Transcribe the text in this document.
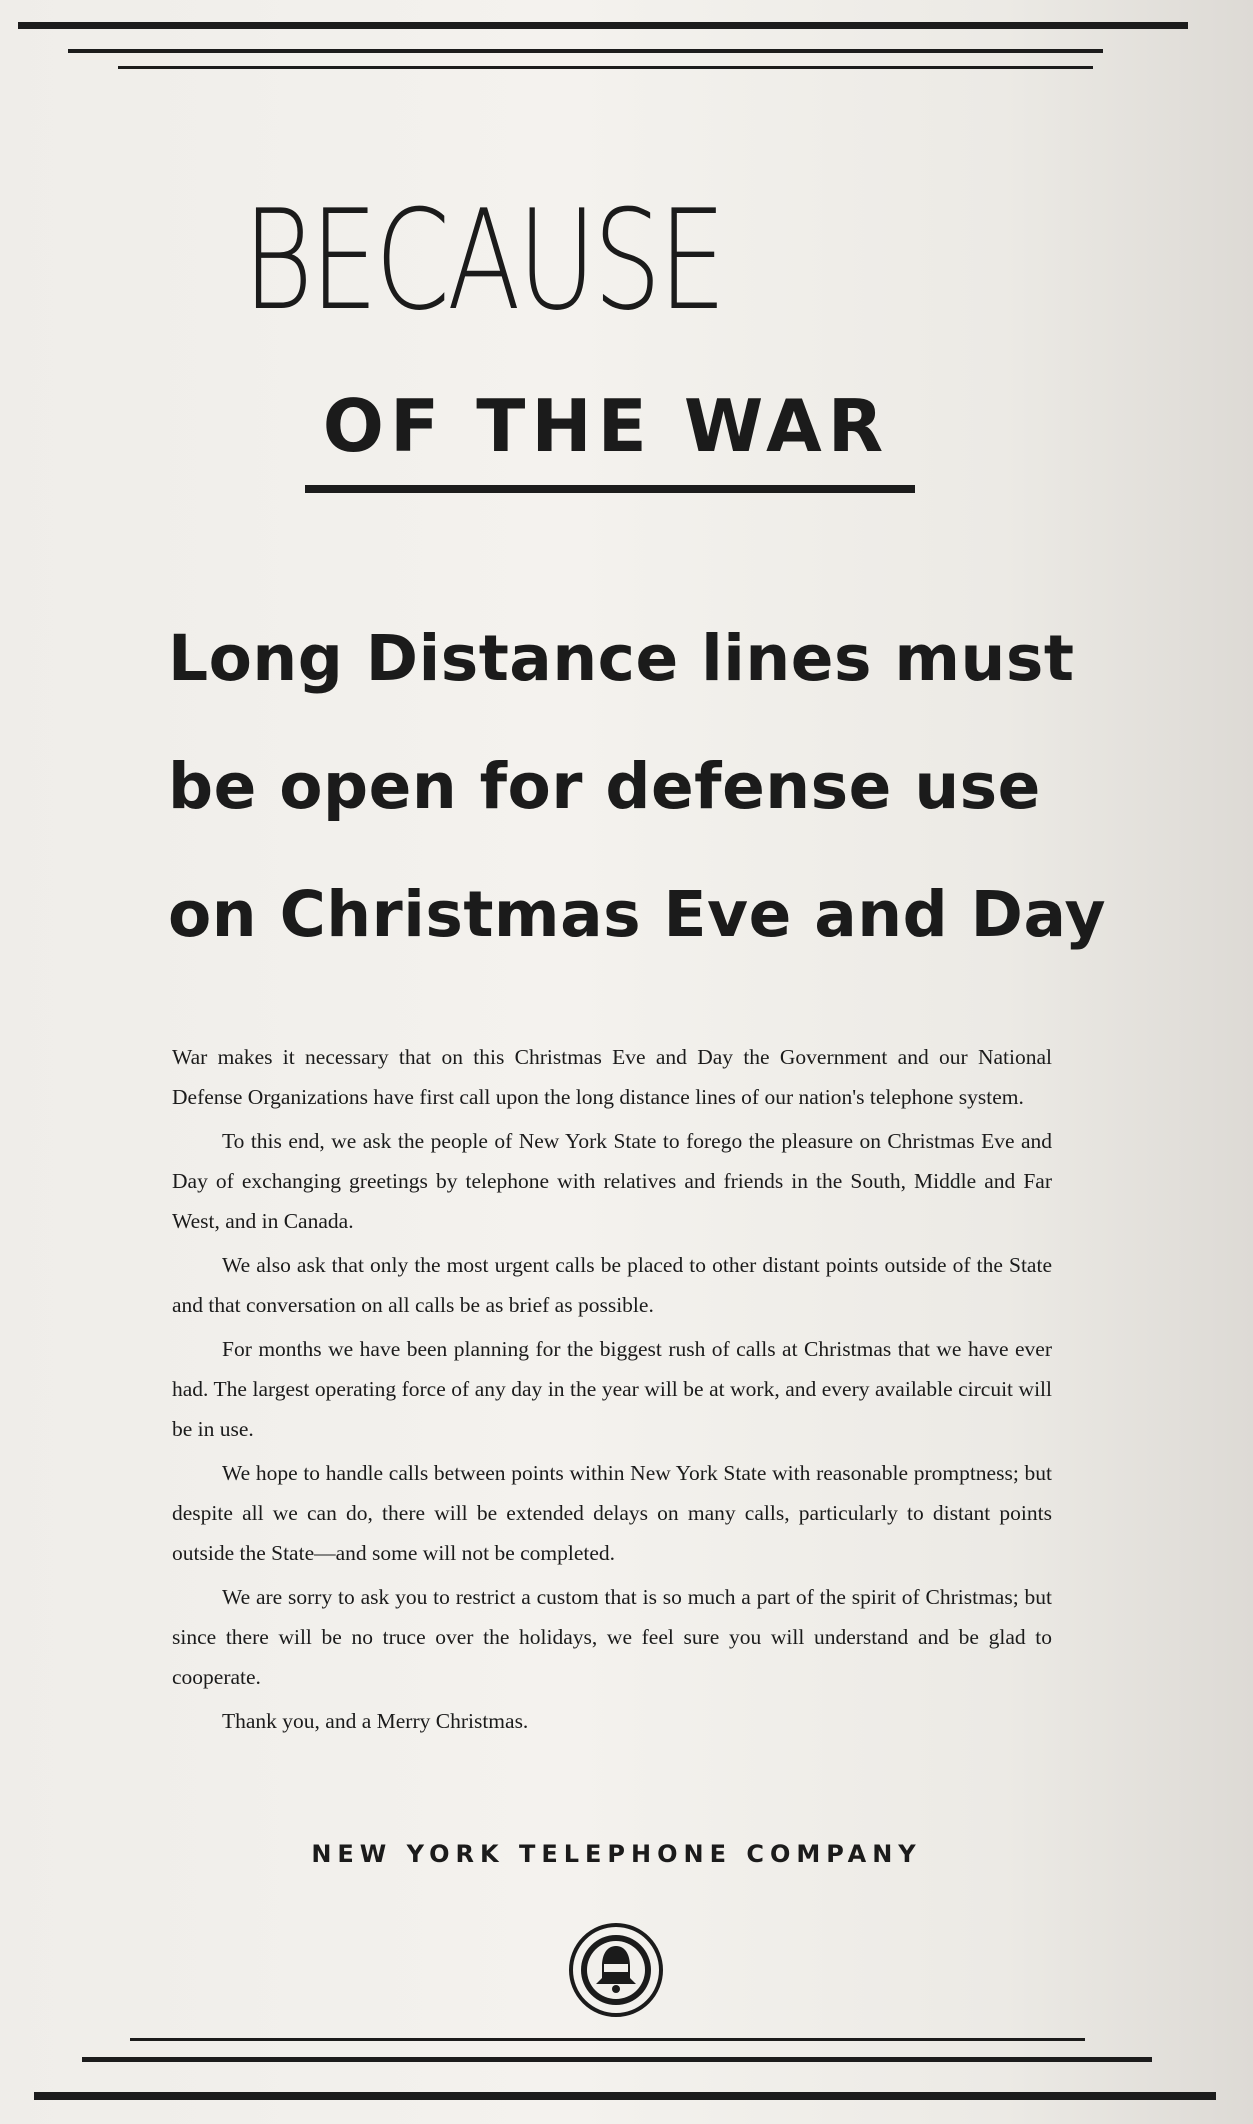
BECAUSE
OF THE WAR
Long Distance lines must
be open for defense use
on Christmas Eve and Day

War makes it necessary that on this Christmas Eve and Day the Government and our National Defense Organizations have first call upon the long distance lines of our nation's telephone system.

To this end, we ask the people of New York State to forego the pleasure on Christmas Eve and Day of exchanging greetings by telephone with relatives and friends in the South, Middle and Far West, and in Canada.

We also ask that only the most urgent calls be placed to other distant points outside of the State and that conversation on all calls be as brief as possible.

For months we have been planning for the biggest rush of calls at Christmas that we have ever had. The largest operating force of any day in the year will be at work, and every available circuit will be in use.

We hope to handle calls between points within New York State with reasonable promptness; but despite all we can do, there will be extended delays on many calls, particularly to distant points outside the State—and some will not be completed.

We are sorry to ask you to restrict a custom that is so much a part of the spirit of Christmas; but since there will be no truce over the holidays, we feel sure you will understand and be glad to cooperate.

Thank you, and a Merry Christmas.

NEW YORK TELEPHONE COMPANY
